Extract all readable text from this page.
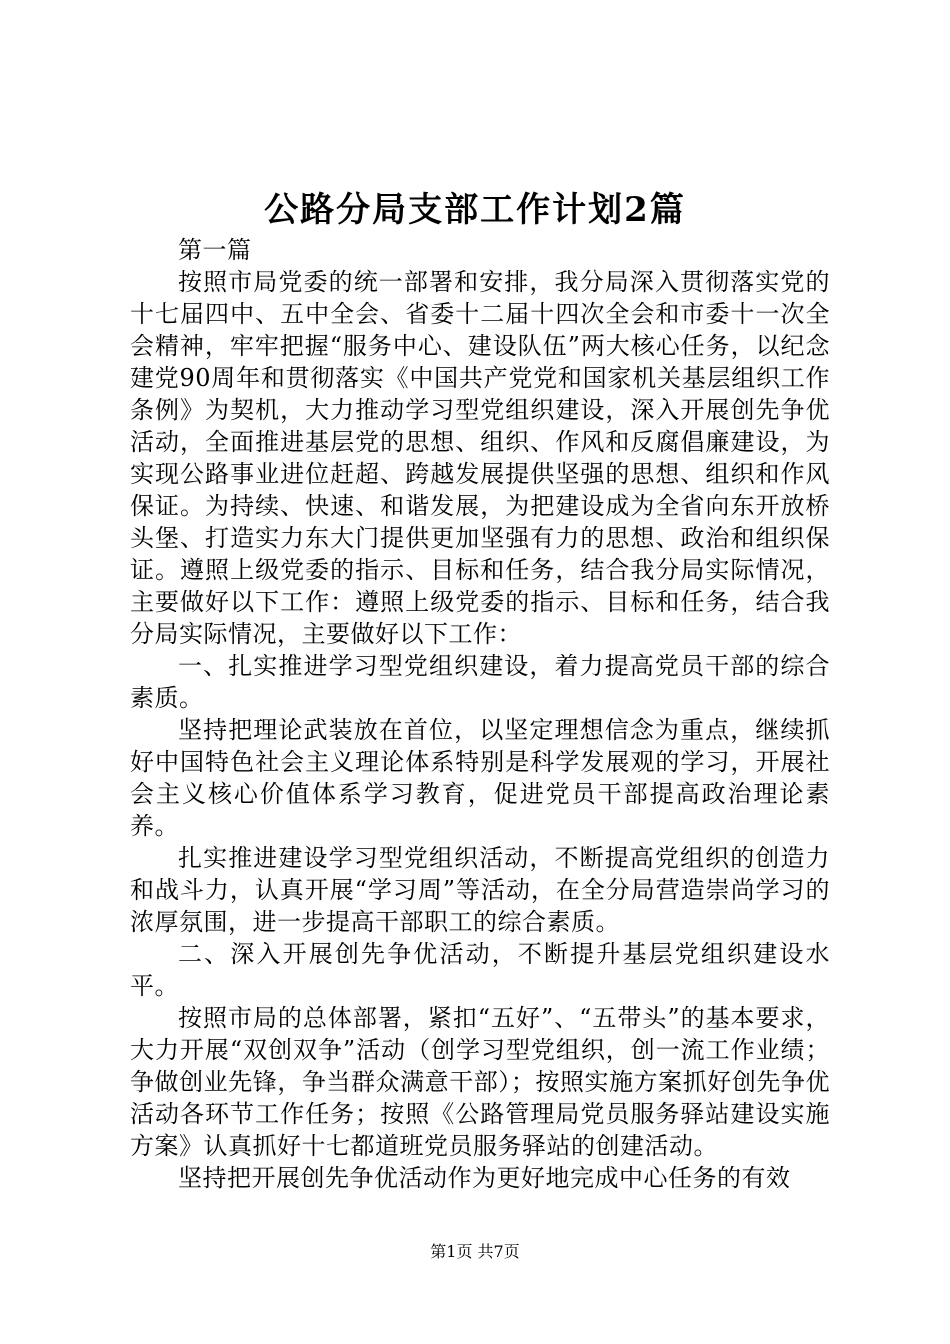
公路分局支部工作计划2篇

第一篇

按照市局党委的统一部署和安排，我分局深入贯彻落实党的十七届四中、五中全会、省委十二届十四次全会和市委十一次全会精神，牢牢把握“服务中心、建设队伍”两大核心任务，以纪念建党90周年和贯彻落实《中国共产党党和国家机关基层组织工作条例》为契机，大力推动学习型党组织建设，深入开展创先争优活动，全面推进基层党的思想、组织、作风和反腐倡廉建设，为实现公路事业进位赶超、跨越发展提供坚强的思想、组织和作风保证。为持续、快速、和谐发展，为把建设成为全省向东开放桥头堡、打造实力东大门提供更加坚强有力的思想、政治和组织保证。遵照上级党委的指示、目标和任务，结合我分局实际情况，主要做好以下工作：遵照上级党委的指示、目标和任务，结合我分局实际情况，主要做好以下工作：

一、扎实推进学习型党组织建设，着力提高党员干部的综合素质。

坚持把理论武装放在首位，以坚定理想信念为重点，继续抓好中国特色社会主义理论体系特别是科学发展观的学习，开展社会主义核心价值体系学习教育，促进党员干部提高政治理论素养。

扎实推进建设学习型党组织活动，不断提高党组织的创造力和战斗力，认真开展“学习周”等活动，在全分局营造崇尚学习的浓厚氛围，进一步提高干部职工的综合素质。

二、深入开展创先争优活动，不断提升基层党组织建设水平。

按照市局的总体部署，紧扣“五好”、“五带头”的基本要求，大力开展“双创双争”活动（创学习型党组织，创一流工作业绩；争做创业先锋，争当群众满意干部）；按照实施方案抓好创先争优活动各环节工作任务；按照《公路管理局党员服务驿站建设实施方案》认真抓好十七都道班党员服务驿站的创建活动。

坚持把开展创先争优活动作为更好地完成中心任务的有效

第1页 共7页
